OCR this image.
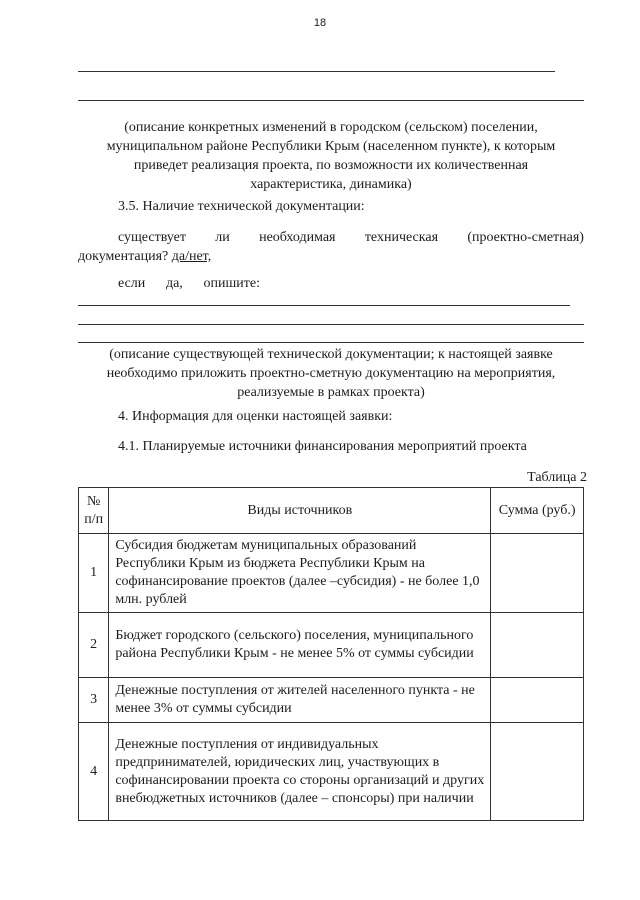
18
(описание конкретных изменений в городском (сельском) поселении,
муниципальном районе Республики Крым (населенном пункте), к которым
приведет реализация проекта, по возможности их количественная
характеристика, динамика)
3.5. Наличие технической документации:
существует ли необходимая техническая (проектно-сметная)
документация? да/нет,
если да, опишите:
(описание существующей технической документации; к настоящей заявке
необходимо приложить проектно-сметную документацию на мероприятия,
реализуемые в рамках проекта)
4. Информация для оценки настоящей заявки:
4.1. Планируемые источники финансирования мероприятий проекта
Таблица 2
№ п/п	Виды источников	Сумма (руб.)
1	Субсидия бюджетам муниципальных образований Республики Крым из бюджета Республики Крым на софинансирование проектов (далее –субсидия) - не более 1,0 млн. рублей	
2	Бюджет городского (сельского) поселения, муниципального района Республики Крым - не менее 5% от суммы субсидии	
3	Денежные поступления от жителей населенного пункта - не менее 3% от суммы субсидии	
4	Денежные поступления от индивидуальных предпринимателей, юридических лиц, участвующих в софинансировании проекта со стороны организаций и других внебюджетных источников (далее – спонсоры) при наличии	
